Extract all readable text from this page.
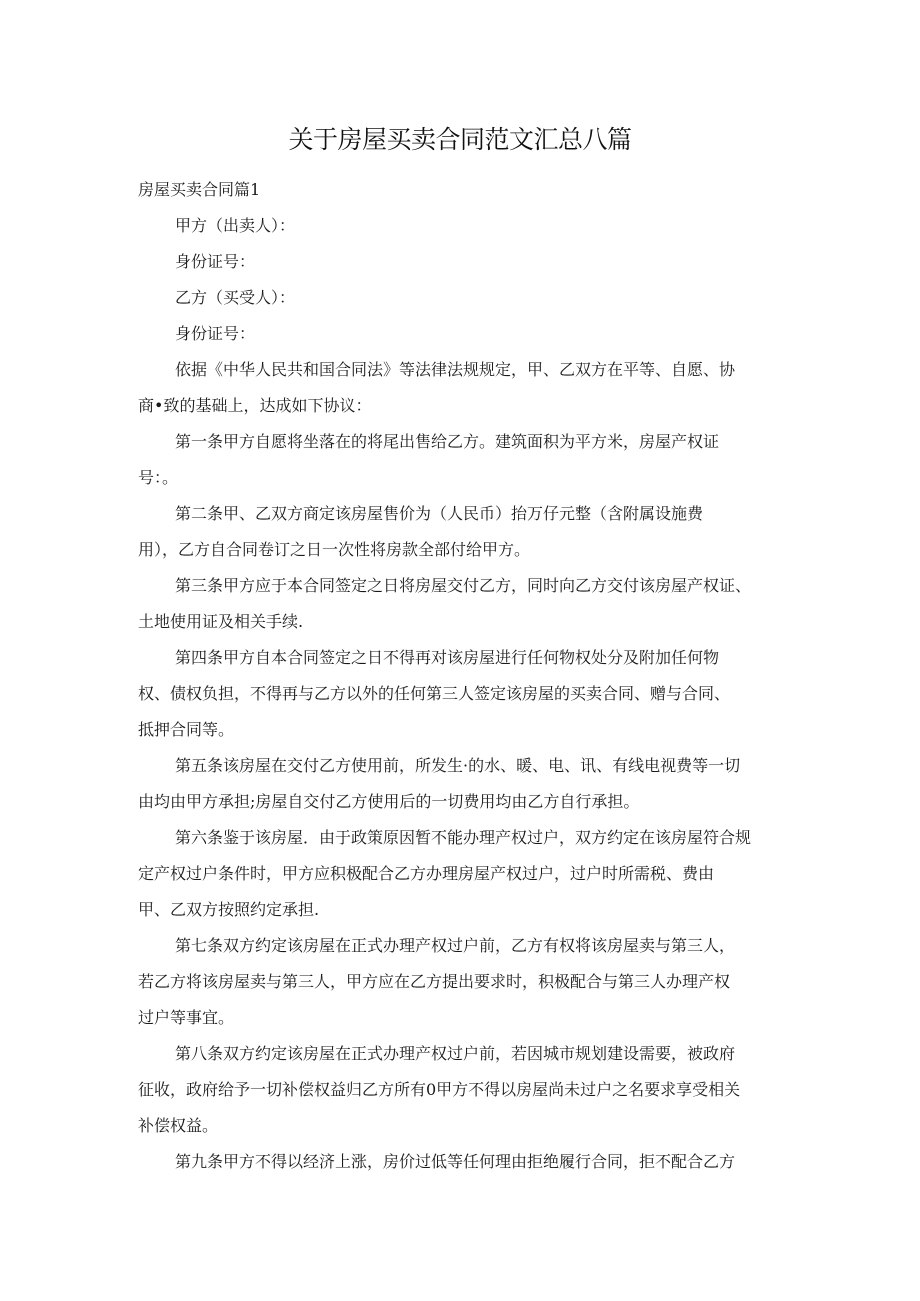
关于房屋买卖合同范文汇总八篇

房屋买卖合同篇1

甲方（出卖人）：

身份证号：

乙方（买受人）：

身份证号：

依据《中华人民共和国合同法》等法律法规规定，甲、乙双方在平等、自愿、协

商•致的基础上，达成如下协议：

第一条甲方自愿将坐落在的将尾出售给乙方。建筑面积为平方米，房屋产权证

号：。

第二条甲、乙双方商定该房屋售价为（人民币）抬万仔元整（含附属设施费

用），乙方自合同卷订之日一次性将房款全部付给甲方。

第三条甲方应于本合同签定之日将房屋交付乙方，同时向乙方交付该房屋产权证、

土地使用证及相关手续.

第四条甲方自本合同签定之日不得再对该房屋进行任何物权处分及附加任何物

权、债权负担，不得再与乙方以外的任何第三人签定该房屋的买卖合同、赠与合同、

抵押合同等。

第五条该房屋在交付乙方使用前，所发生·的水、暖、电、讯、有线电视费等一切

由均由甲方承担;房屋自交付乙方使用后的一切费用均由乙方自行承担。

第六条鉴于该房屋．由于政策原因暂不能办理产权过户，双方约定在该房屋符合规

定产权过户条件时，甲方应积极配合乙方办理房屋产权过户，过户时所需税、费由

甲、乙双方按照约定承担.

第七条双方约定该房屋在正式办理产权过户前，乙方有权将该房屋卖与第三人，

若乙方将该房屋卖与第三人，甲方应在乙方提出要求时，积极配合与第三人办理产权

过户等事宜。

第八条双方约定该房屋在正式办理产权过户前，若因城市规划建设需要，被政府

征收，政府给予一切补偿权益归乙方所有0甲方不得以房屋尚未过户之名要求享受相关

补偿权益。

第九条甲方不得以经济上涨，房价过低等任何理由拒绝履行合同，拒不配合乙方
